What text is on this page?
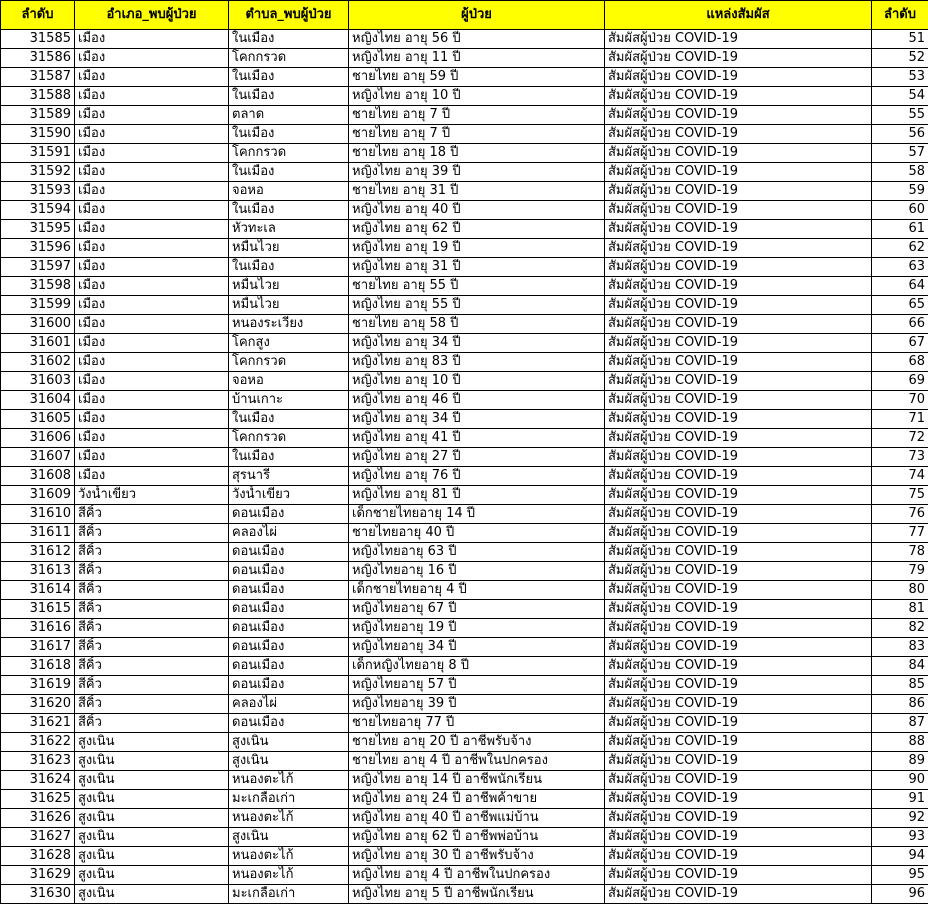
ลำดับ	อำเภอ_พบผู้ป่วย	ตำบล_พบผู้ป่วย	ผู้ป่วย	แหล่งสัมผัส	ลำดับ
31585	เมือง	ในเมือง	หญิงไทย อายุ 56 ปี	สัมผัสผู้ป่วย COVID-19	51
31586	เมือง	โคกกรวด	หญิงไทย อายุ 11 ปี	สัมผัสผู้ป่วย COVID-19	52
31587	เมือง	ในเมือง	ชายไทย อายุ 59 ปี	สัมผัสผู้ป่วย COVID-19	53
31588	เมือง	ในเมือง	หญิงไทย อายุ 10 ปี	สัมผัสผู้ป่วย COVID-19	54
31589	เมือง	ตลาด	ชายไทย อายุ 7 ปี	สัมผัสผู้ป่วย COVID-19	55
31590	เมือง	ในเมือง	ชายไทย อายุ 7 ปี	สัมผัสผู้ป่วย COVID-19	56
31591	เมือง	โคกกรวด	ชายไทย อายุ 18 ปี	สัมผัสผู้ป่วย COVID-19	57
31592	เมือง	ในเมือง	หญิงไทย อายุ 39 ปี	สัมผัสผู้ป่วย COVID-19	58
31593	เมือง	จอหอ	ชายไทย อายุ 31 ปี	สัมผัสผู้ป่วย COVID-19	59
31594	เมือง	ในเมือง	หญิงไทย อายุ 40 ปี	สัมผัสผู้ป่วย COVID-19	60
31595	เมือง	หัวทะเล	หญิงไทย อายุ 62 ปี	สัมผัสผู้ป่วย COVID-19	61
31596	เมือง	หมื่นไวย	หญิงไทย อายุ 19 ปี	สัมผัสผู้ป่วย COVID-19	62
31597	เมือง	ในเมือง	หญิงไทย อายุ 31 ปี	สัมผัสผู้ป่วย COVID-19	63
31598	เมือง	หมื่นไวย	ชายไทย อายุ 55 ปี	สัมผัสผู้ป่วย COVID-19	64
31599	เมือง	หมื่นไวย	หญิงไทย อายุ 55 ปี	สัมผัสผู้ป่วย COVID-19	65
31600	เมือง	หนองระเวียง	ชายไทย อายุ 58 ปี	สัมผัสผู้ป่วย COVID-19	66
31601	เมือง	โคกสูง	หญิงไทย อายุ 34 ปี	สัมผัสผู้ป่วย COVID-19	67
31602	เมือง	โคกกรวด	หญิงไทย อายุ 83 ปี	สัมผัสผู้ป่วย COVID-19	68
31603	เมือง	จอหอ	หญิงไทย อายุ 10 ปี	สัมผัสผู้ป่วย COVID-19	69
31604	เมือง	บ้านเกาะ	หญิงไทย อายุ 46 ปี	สัมผัสผู้ป่วย COVID-19	70
31605	เมือง	ในเมือง	หญิงไทย อายุ 34 ปี	สัมผัสผู้ป่วย COVID-19	71
31606	เมือง	โคกกรวด	หญิงไทย อายุ 41 ปี	สัมผัสผู้ป่วย COVID-19	72
31607	เมือง	ในเมือง	หญิงไทย อายุ 27 ปี	สัมผัสผู้ป่วย COVID-19	73
31608	เมือง	สุรนารี	หญิงไทย อายุ 76 ปี	สัมผัสผู้ป่วย COVID-19	74
31609	วังน้ำเขียว	วังน้ำเขียว	หญิงไทย อายุ 81 ปี	สัมผัสผู้ป่วย COVID-19	75
31610	สีคิ้ว	ดอนเมือง	เด็กชายไทยอายุ 14 ปี	สัมผัสผู้ป่วย COVID-19	76
31611	สีคิ้ว	คลองไผ่	ชายไทยอายุ 40 ปี	สัมผัสผู้ป่วย COVID-19	77
31612	สีคิ้ว	ดอนเมือง	หญิงไทยอายุ 63 ปี	สัมผัสผู้ป่วย COVID-19	78
31613	สีคิ้ว	ดอนเมือง	หญิงไทยอายุ 16 ปี	สัมผัสผู้ป่วย COVID-19	79
31614	สีคิ้ว	ดอนเมือง	เด็กชายไทยอายุ 4 ปี	สัมผัสผู้ป่วย COVID-19	80
31615	สีคิ้ว	ดอนเมือง	หญิงไทยอายุ 67 ปี	สัมผัสผู้ป่วย COVID-19	81
31616	สีคิ้ว	ดอนเมือง	หญิงไทยอายุ 19 ปี	สัมผัสผู้ป่วย COVID-19	82
31617	สีคิ้ว	ดอนเมือง	หญิงไทยอายุ 34 ปี	สัมผัสผู้ป่วย COVID-19	83
31618	สีคิ้ว	ดอนเมือง	เด็กหญิงไทยอายุ 8 ปี	สัมผัสผู้ป่วย COVID-19	84
31619	สีคิ้ว	ดอนเมือง	หญิงไทยอายุ 57 ปี	สัมผัสผู้ป่วย COVID-19	85
31620	สีคิ้ว	คลองไผ่	หญิงไทยอายุ 39 ปี	สัมผัสผู้ป่วย COVID-19	86
31621	สีคิ้ว	ดอนเมือง	ชายไทยอายุ 77 ปี	สัมผัสผู้ป่วย COVID-19	87
31622	สูงเนิน	สูงเนิน	ชายไทย อายุ 20 ปี อาชีพรับจ้าง	สัมผัสผู้ป่วย COVID-19	88
31623	สูงเนิน	สูงเนิน	ชายไทย อายุ 4 ปี อาชีพในปกครอง	สัมผัสผู้ป่วย COVID-19	89
31624	สูงเนิน	หนองตะไก้	หญิงไทย อายุ 14 ปี อาชีพนักเรียน	สัมผัสผู้ป่วย COVID-19	90
31625	สูงเนิน	มะเกลือเก่า	หญิงไทย อายุ 24 ปี อาชีพค้าขาย	สัมผัสผู้ป่วย COVID-19	91
31626	สูงเนิน	หนองตะไก้	หญิงไทย อายุ 40 ปี อาชีพแม่บ้าน	สัมผัสผู้ป่วย COVID-19	92
31627	สูงเนิน	สูงเนิน	หญิงไทย อายุ 62 ปี อาชีพพ่อบ้าน	สัมผัสผู้ป่วย COVID-19	93
31628	สูงเนิน	หนองตะไก้	หญิงไทย อายุ 30 ปี อาชีพรับจ้าง	สัมผัสผู้ป่วย COVID-19	94
31629	สูงเนิน	หนองตะไก้	หญิงไทย อายุ 4 ปี อาชีพในปกครอง	สัมผัสผู้ป่วย COVID-19	95
31630	สูงเนิน	มะเกลือเก่า	หญิงไทย อายุ 5 ปี อาชีพนักเรียน	สัมผัสผู้ป่วย COVID-19	96
